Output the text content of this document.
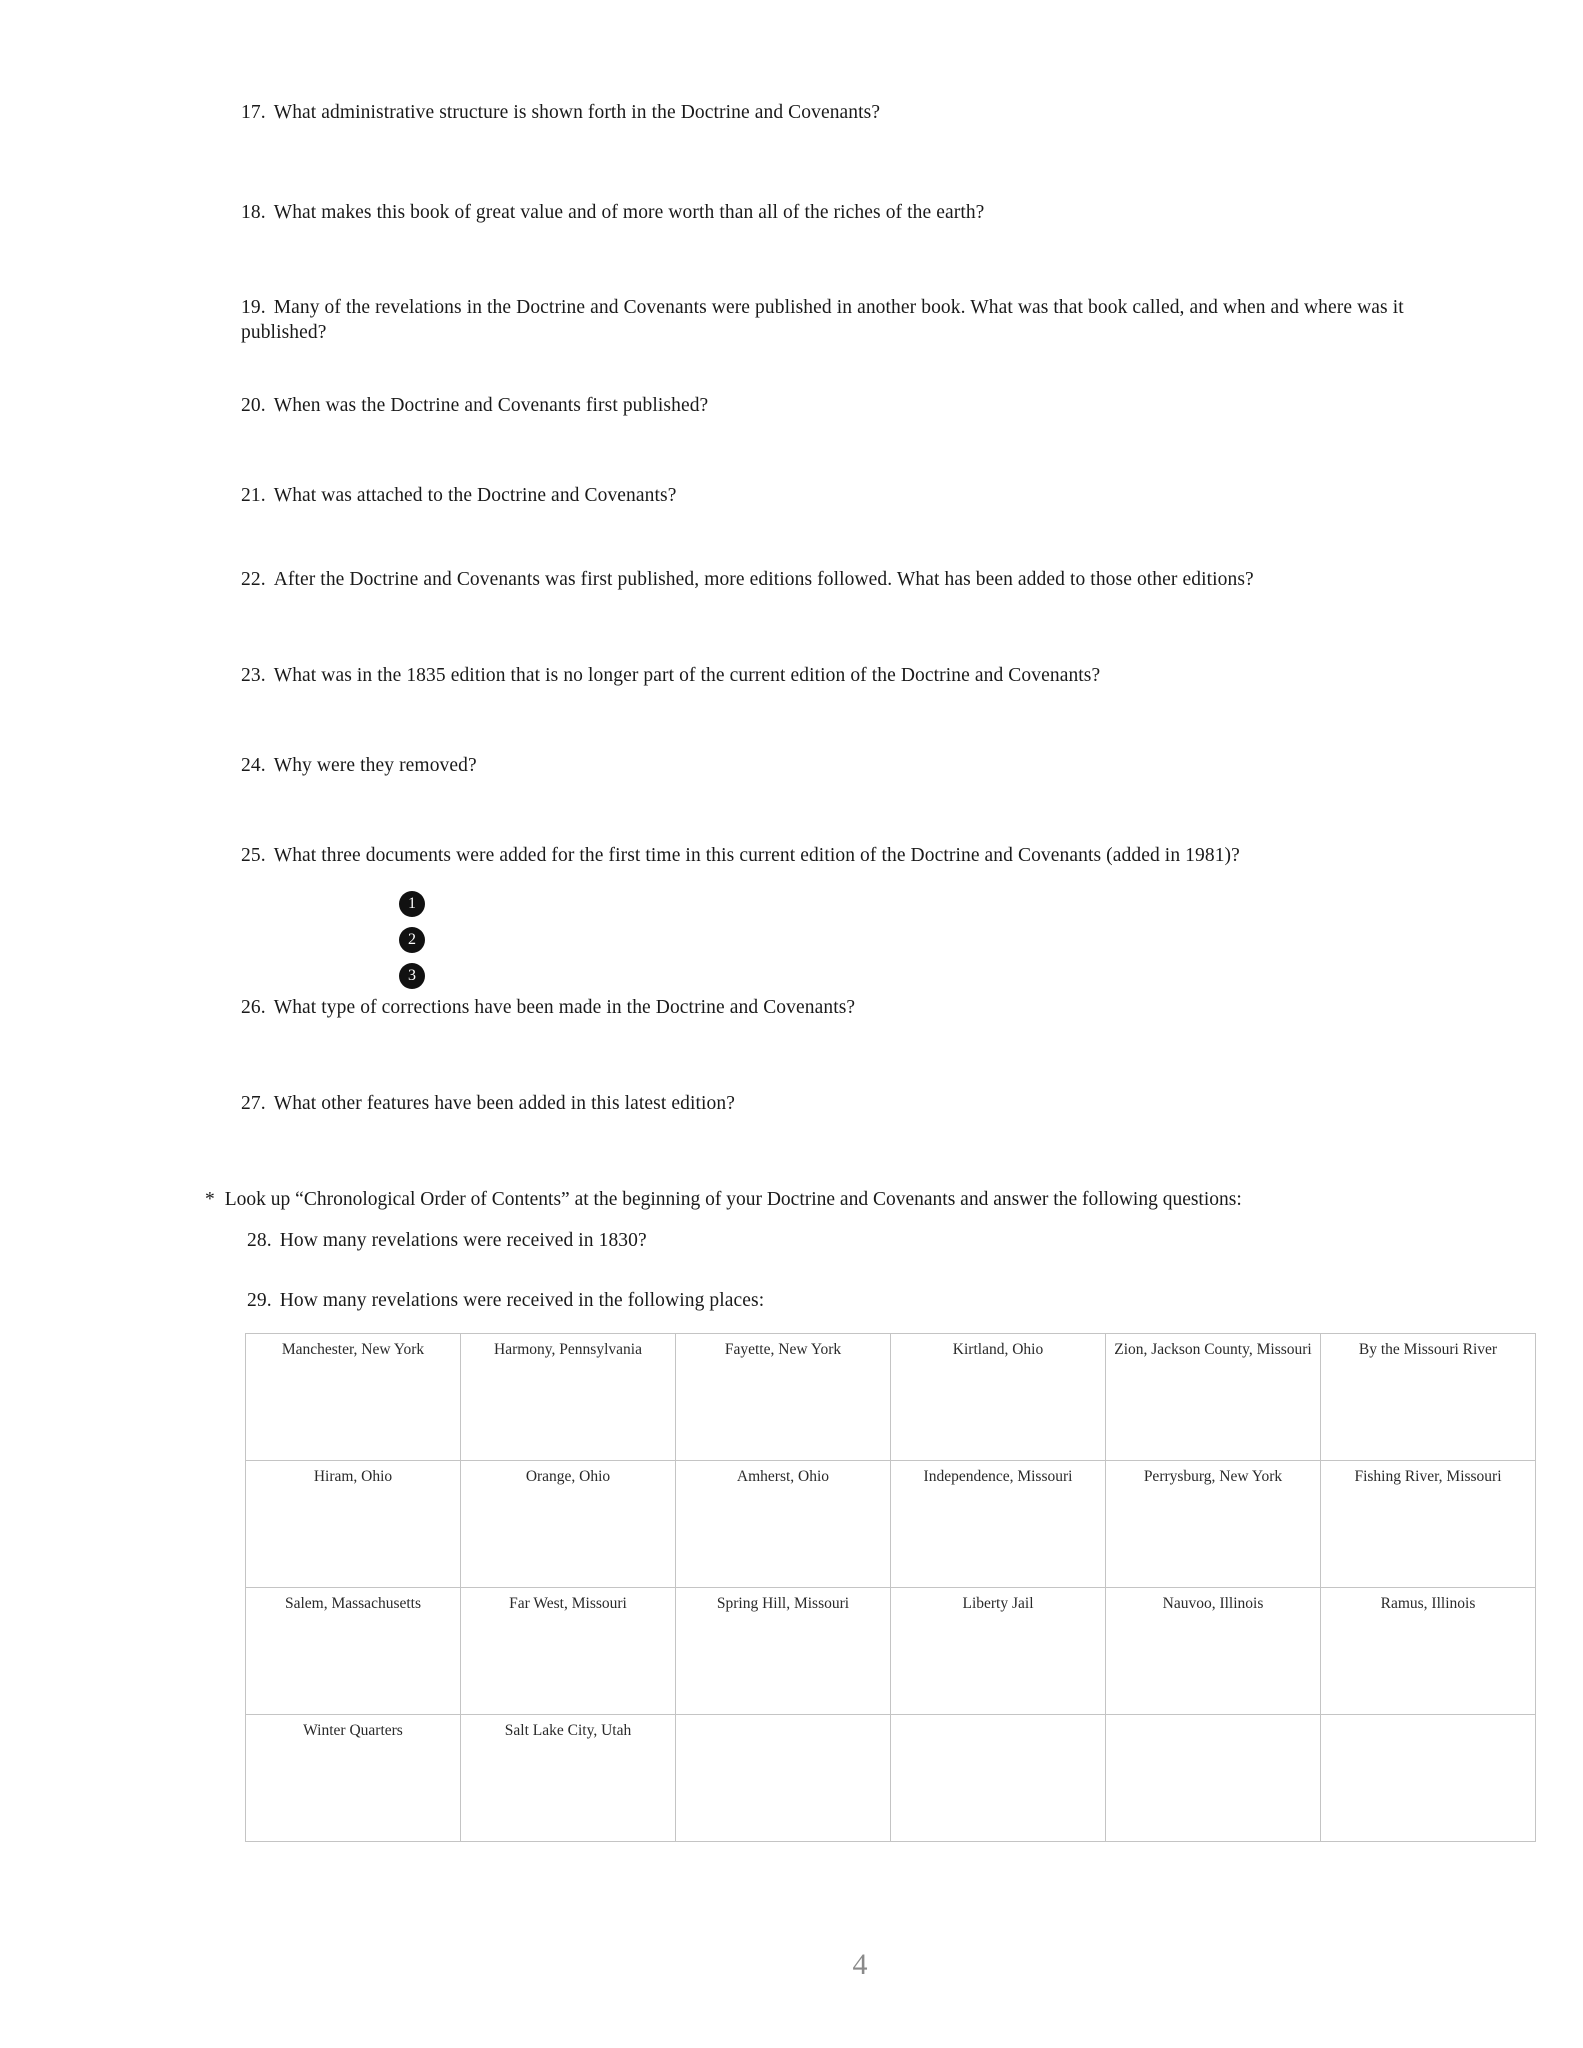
17. What administrative structure is shown forth in the Doctrine and Covenants?
18. What makes this book of great value and of more worth than all of the riches of the earth?
19. Many of the revelations in the Doctrine and Covenants were published in another book. What was that book called, and when and where was it published?
20. When was the Doctrine and Covenants first published?
21. What was attached to the Doctrine and Covenants?
22. After the Doctrine and Covenants was first published, more editions followed. What has been added to those other editions?
23. What was in the 1835 edition that is no longer part of the current edition of the Doctrine and Covenants?
24. Why were they removed?
25. What three documents were added for the first time in this current edition of the Doctrine and Covenants (added in 1981)?
1
2
3
26. What type of corrections have been made in the Doctrine and Covenants?
27. What other features have been added in this latest edition?
* Look up “Chronological Order of Contents” at the beginning of your Doctrine and Covenants and answer the following questions:
28. How many revelations were received in 1830?
29. How many revelations were received in the following places:
Manchester, New York	Harmony, Pennsylvania	Fayette, New York	Kirtland, Ohio	Zion, Jackson County, Missouri	By the Missouri River
Hiram, Ohio	Orange, Ohio	Amherst, Ohio	Independence, Missouri	Perrysburg, New York	Fishing River, Missouri
Salem, Massachusetts	Far West, Missouri	Spring Hill, Missouri	Liberty Jail	Nauvoo, Illinois	Ramus, Illinois
Winter Quarters	Salt Lake City, Utah				
4
